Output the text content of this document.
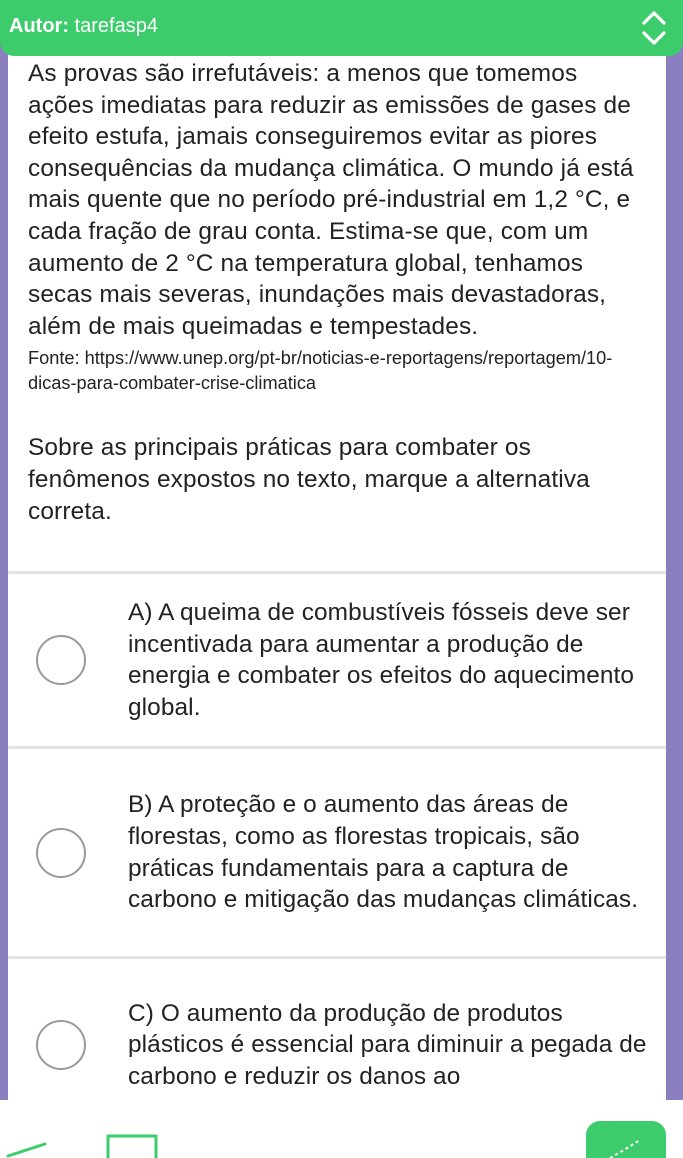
Autor: tarefasp4
As provas são irrefutáveis: a menos que tomemos ações imediatas para reduzir as emissões de gases de efeito estufa, jamais conseguiremos evitar as piores consequências da mudança climática. O mundo já está mais quente que no período pré-industrial em 1,2 °C, e cada fração de grau conta. Estima-se que, com um aumento de 2 °C na temperatura global, tenhamos secas mais severas, inundações mais devastadoras, além de mais queimadas e tempestades.
Fonte: https://www.unep.org/pt-br/noticias-e-reportagens/reportagem/10-dicas-para-combater-crise-climatica
Sobre as principais práticas para combater os fenômenos expostos no texto, marque a alternativa correta.
A) A queima de combustíveis fósseis deve ser incentivada para aumentar a produção de energia e combater os efeitos do aquecimento global.
B) A proteção e o aumento das áreas de florestas, como as florestas tropicais, são práticas fundamentais para a captura de carbono e mitigação das mudanças climáticas.
C) O aumento da produção de produtos plásticos é essencial para diminuir a pegada de carbono e reduzir os danos ao
